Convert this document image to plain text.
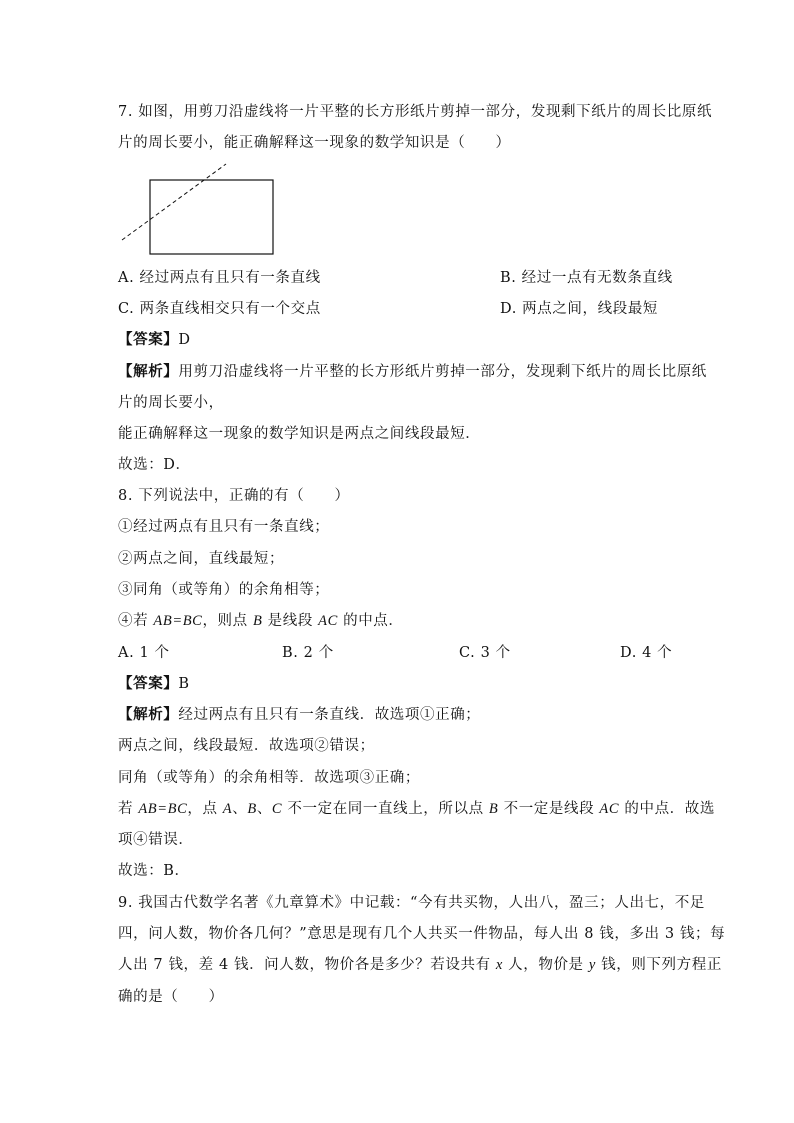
7. 如图，用剪刀沿虚线将一片平整的长方形纸片剪掉一部分，发现剩下纸片的周长比原纸
片的周长要小，能正确解释这一现象的数学知识是（　　）
A. 经过两点有且只有一条直线	B. 经过一点有无数条直线
C. 两条直线相交只有一个交点	D. 两点之间，线段最短
【答案】D
【解析】用剪刀沿虚线将一片平整的长方形纸片剪掉一部分，发现剩下纸片的周长比原纸
片的周长要小，
能正确解释这一现象的数学知识是两点之间线段最短．
故选：D．
8. 下列说法中，正确的有（　　）
①经过两点有且只有一条直线；
②两点之间，直线最短；
③同角（或等角）的余角相等；
④若 AB=BC，则点 B 是线段 AC 的中点．
A. 1 个	B. 2 个	C. 3 个	D. 4 个
【答案】B
【解析】经过两点有且只有一条直线．故选项①正确；
两点之间，线段最短．故选项②错误；
同角（或等角）的余角相等．故选项③正确；
若 AB=BC，点 A、B、C 不一定在同一直线上，所以点 B 不一定是线段 AC 的中点．故选
项④错误．
故选：B．
9. 我国古代数学名著《九章算术》中记载：“今有共买物，人出八，盈三；人出七，不足
四，问人数，物价各几何？”意思是现有几个人共买一件物品，每人出 8 钱，多出 3 钱；每
人出 7 钱，差 4 钱．问人数，物价各是多少？若设共有 x 人，物价是 y 钱，则下列方程正
确的是（　　）
